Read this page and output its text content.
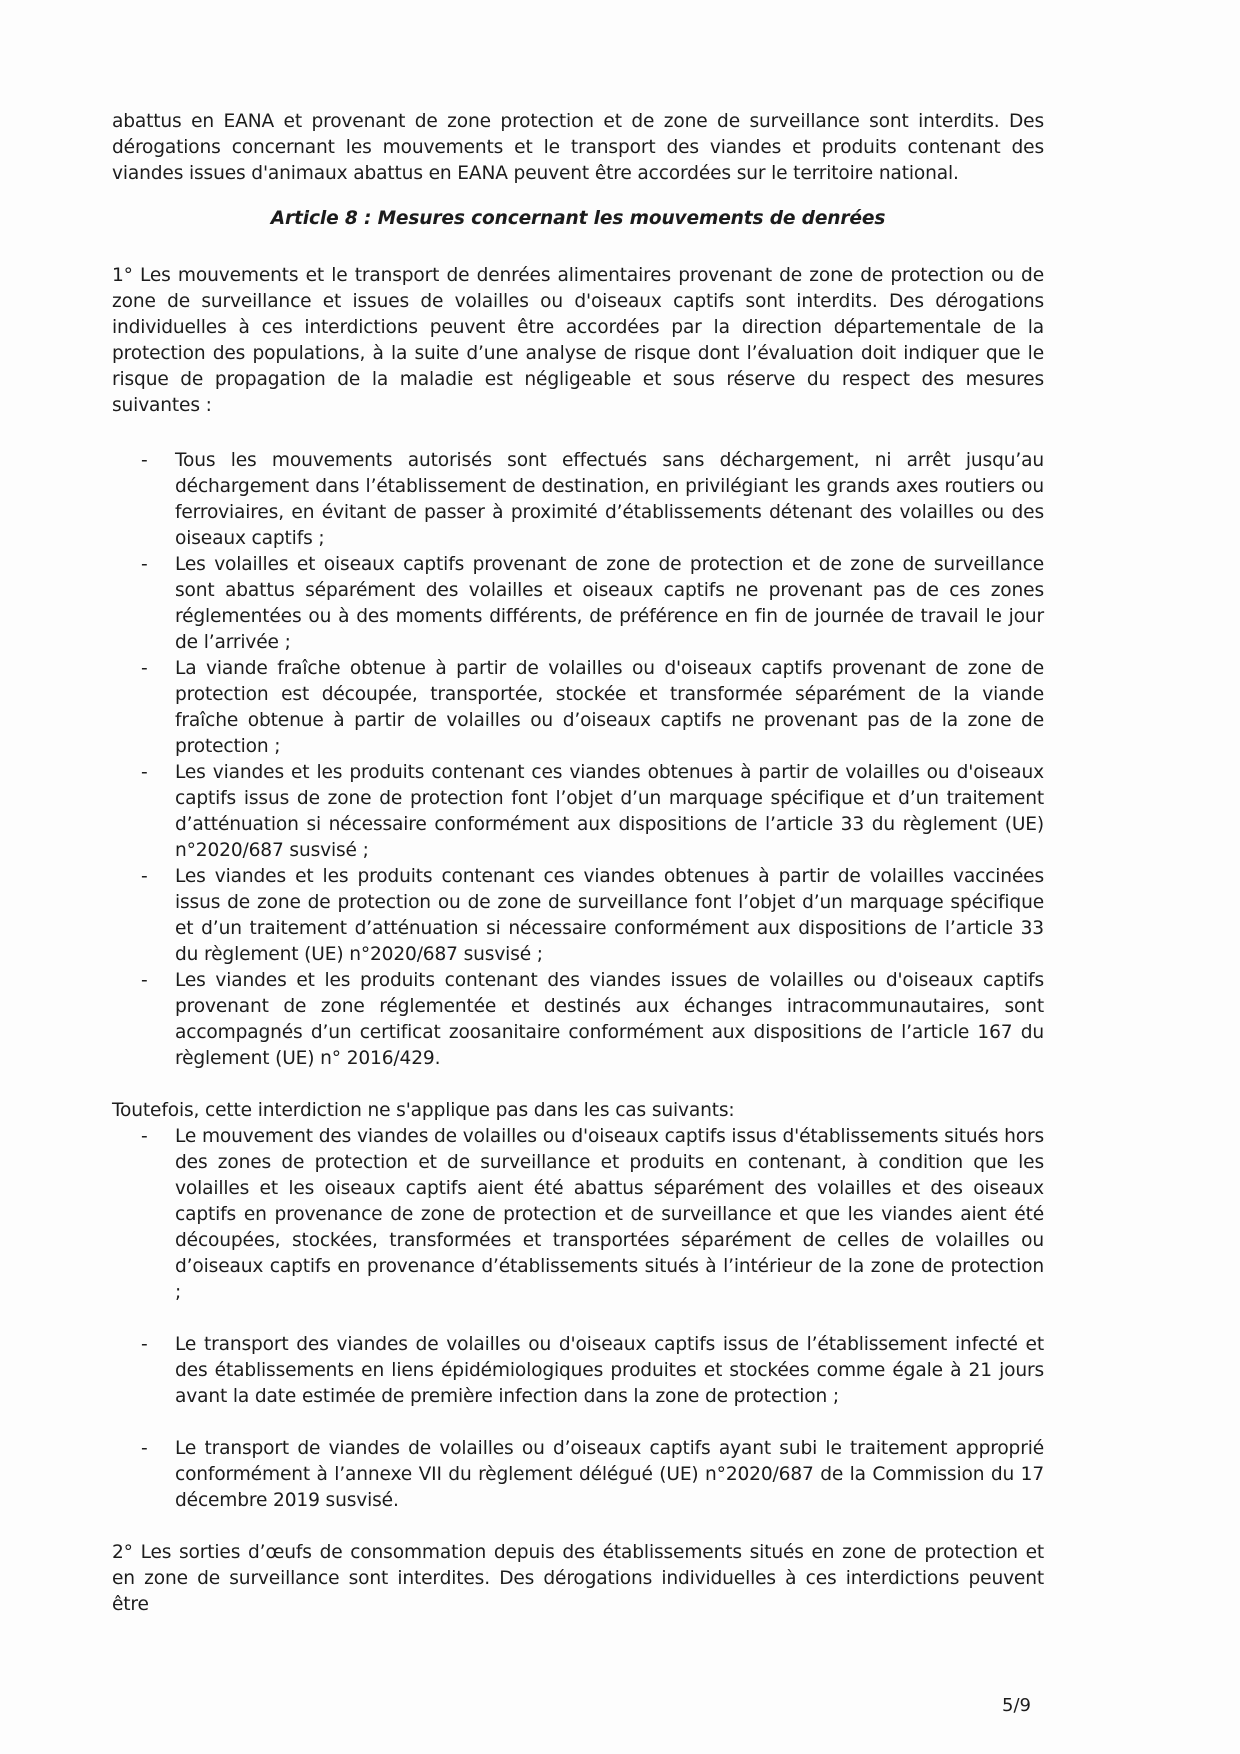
abattus en EANA et provenant de zone protection et de zone de surveillance sont interdits. Des dérogations concernant les mouvements et le transport des viandes et produits contenant des viandes issues d'animaux abattus en EANA peuvent être accordées sur le territoire national.

Article 8 : Mesures concernant les mouvements de denrées

1° Les mouvements et le transport de denrées alimentaires provenant de zone de protection ou de zone de surveillance et issues de volailles ou d'oiseaux captifs sont interdits. Des dérogations individuelles à ces interdictions peuvent être accordées par la direction départementale de la protection des populations, à la suite d’une analyse de risque dont l’évaluation doit indiquer que le risque de propagation de la maladie est négligeable et sous réserve du respect des mesures suivantes :

- Tous les mouvements autorisés sont effectués sans déchargement, ni arrêt jusqu’au déchargement dans l’établissement de destination, en privilégiant les grands axes routiers ou ferroviaires, en évitant de passer à proximité d’établissements détenant des volailles ou des oiseaux captifs ;
- Les volailles et oiseaux captifs provenant de zone de protection et de zone de surveillance sont abattus séparément des volailles et oiseaux captifs ne provenant pas de ces zones réglementées ou à des moments différents, de préférence en fin de journée de travail le jour de l’arrivée ;
- La viande fraîche obtenue à partir de volailles ou d'oiseaux captifs provenant de zone de protection est découpée, transportée, stockée et transformée séparément de la viande fraîche obtenue à partir de volailles ou d’oiseaux captifs ne provenant pas de la zone de protection ;
- Les viandes et les produits contenant ces viandes obtenues à partir de volailles ou d'oiseaux captifs issus de zone de protection font l’objet d’un marquage spécifique et d’un traitement d’atténuation si nécessaire conformément aux dispositions de l’article 33 du règlement (UE) n°2020/687 susvisé ;
- Les viandes et les produits contenant ces viandes obtenues à partir de volailles vaccinées issus de zone de protection ou de zone de surveillance font l’objet d’un marquage spécifique et d’un traitement d’atténuation si nécessaire conformément aux dispositions de l’article 33 du règlement (UE) n°2020/687 susvisé ;
- Les viandes et les produits contenant des viandes issues de volailles ou d'oiseaux captifs provenant de zone réglementée et destinés aux échanges intracommunautaires, sont accompagnés d’un certificat zoosanitaire conformément aux dispositions de l’article 167 du règlement (UE) n° 2016/429.

Toutefois, cette interdiction ne s'applique pas dans les cas suivants:

- Le mouvement des viandes de volailles ou d'oiseaux captifs issus d'établissements situés hors des zones de protection et de surveillance et produits en contenant, à condition que les volailles et les oiseaux captifs aient été abattus séparément des volailles et des oiseaux captifs en provenance de zone de protection et de surveillance et que les viandes aient été découpées, stockées, transformées et transportées séparément de celles de volailles ou d’oiseaux captifs en provenance d’établissements situés à l’intérieur de la zone de protection ;
- Le transport des viandes de volailles ou d'oiseaux captifs issus de l’établissement infecté et des établissements en liens épidémiologiques produites et stockées comme égale à 21 jours avant la date estimée de première infection dans la zone de protection ;
- Le transport de viandes de volailles ou d’oiseaux captifs ayant subi le traitement approprié conformément à l’annexe VII du règlement délégué (UE) n°2020/687 de la Commission du 17 décembre 2019 susvisé.

2° Les sorties d’œufs de consommation depuis des établissements situés en zone de protection et en zone de surveillance sont interdites. Des dérogations individuelles à ces interdictions peuvent être

5/9
